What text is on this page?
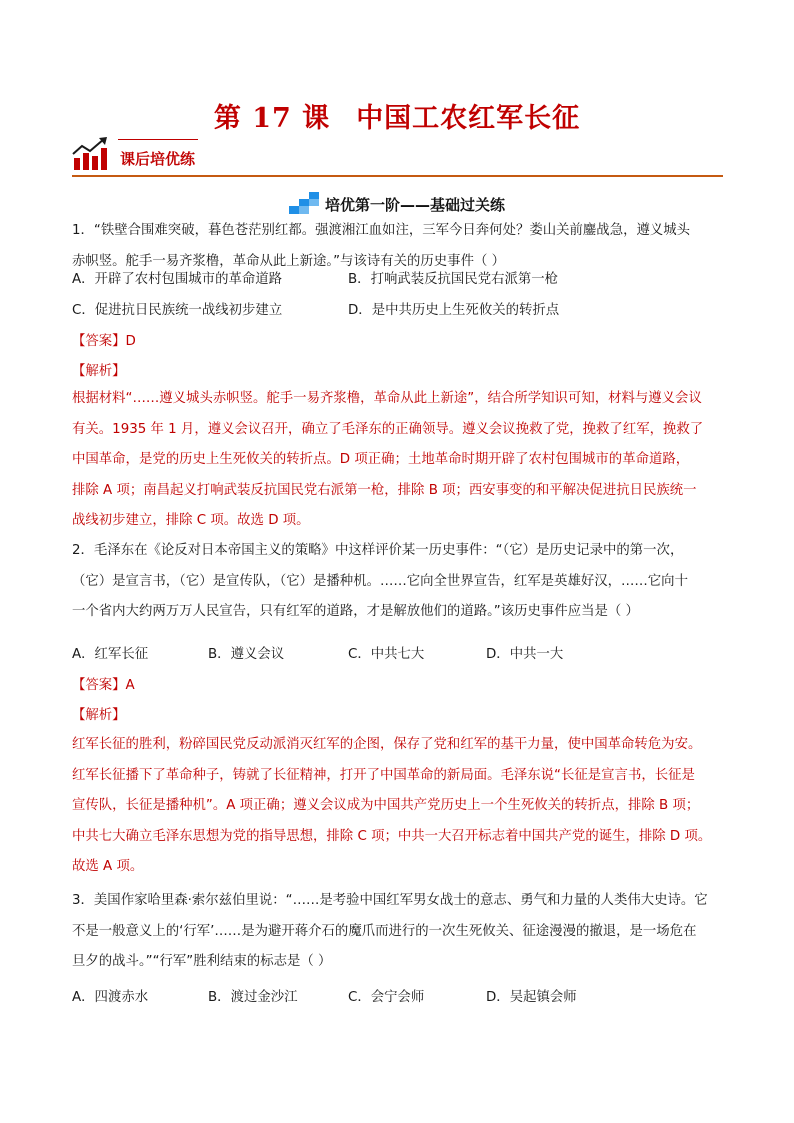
第 17 课 中国工农红军长征
课后培优练
培优第一阶——基础过关练
1．“铁壁合围难突破，暮色苍茫别红都。强渡湘江血如注，三军今日奔何处？娄山关前鏖战急，遵义城头
赤帜竖。舵手一易齐浆橹，革命从此上新途。”与该诗有关的历史事件（ ）
A．开辟了农村包围城市的革命道路	B．打响武装反抗国民党右派第一枪
C．促进抗日民族统一战线初步建立	D．是中共历史上生死攸关的转折点
【答案】D
【解析】
根据材料“……遵义城头赤帜竖。舵手一易齐浆橹，革命从此上新途”，结合所学知识可知，材料与遵义会议
有关。1935 年 1 月，遵义会议召开，确立了毛泽东的正确领导。遵义会议挽救了党，挽救了红军，挽救了
中国革命，是党的历史上生死攸关的转折点。D 项正确；土地革命时期开辟了农村包围城市的革命道路，
排除 A 项；南昌起义打响武装反抗国民党右派第一枪，排除 B 项；西安事变的和平解决促进抗日民族统一
战线初步建立，排除 C 项。故选 D 项。
2．毛泽东在《论反对日本帝国主义的策略》中这样评价某一历史事件：“（它）是历史记录中的第一次，
（它）是宣言书，（它）是宣传队，（它）是播种机。……它向全世界宣告，红军是英雄好汉，……它向十
一个省内大约两万万人民宣告，只有红军的道路，才是解放他们的道路。”该历史事件应当是（ ）
A．红军长征	B．遵义会议	C．中共七大	D．中共一大
【答案】A
【解析】
红军长征的胜利，粉碎国民党反动派消灭红军的企图，保存了党和红军的基干力量，使中国革命转危为安。
红军长征播下了革命种子，铸就了长征精神，打开了中国革命的新局面。毛泽东说“长征是宣言书，长征是
宣传队，长征是播种机”。A 项正确；遵义会议成为中国共产党历史上一个生死攸关的转折点，排除 B 项；
中共七大确立毛泽东思想为党的指导思想，排除 C 项；中共一大召开标志着中国共产党的诞生，排除 D 项。
故选 A 项。
3．美国作家哈里森·索尔兹伯里说：“……是考验中国红军男女战士的意志、勇气和力量的人类伟大史诗。它
不是一般意义上的‘行军’……是为避开蒋介石的魔爪而进行的一次生死攸关、征途漫漫的撤退，是一场危在
旦夕的战斗。”“行军”胜利结束的标志是（ ）
A．四渡赤水	B．渡过金沙江	C．会宁会师	D．吴起镇会师
